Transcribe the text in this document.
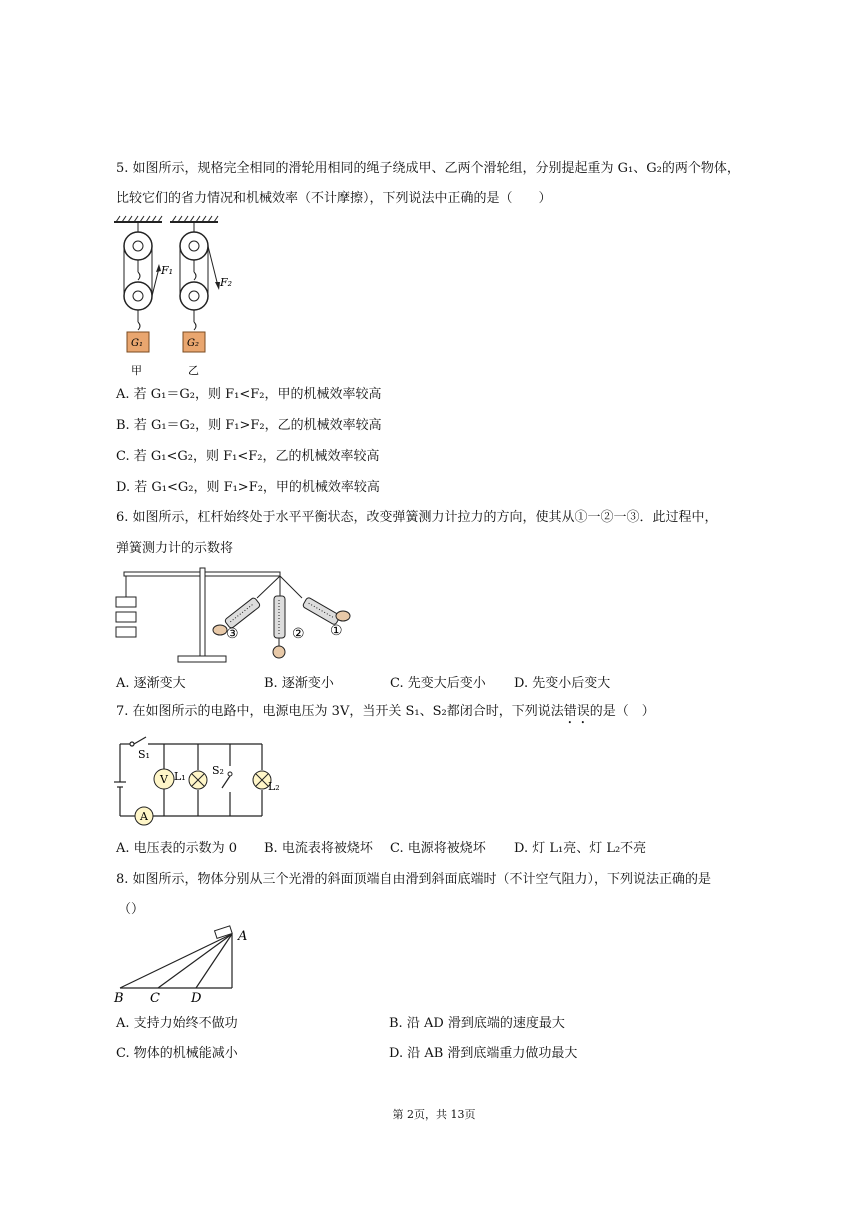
5. 如图所示，规格完全相同的滑轮用相同的绳子绕成甲、乙两个滑轮组，分别提起重为 G₁、G₂的两个物体，
比较它们的省力情况和机械效率（不计摩擦），下列说法中正确的是（　　）
F₁
G₁
甲
F₂
G₂
乙
A. 若 G₁＝G₂，则 F₁<F₂，甲的机械效率较高
B. 若 G₁＝G₂，则 F₁>F₂，乙的机械效率较高
C. 若 G₁<G₂，则 F₁<F₂，乙的机械效率较高
D. 若 G₁<G₂，则 F₁>F₂，甲的机械效率较高
6. 如图所示，杠杆始终处于水平平衡状态，改变弹簧测力计拉力的方向，使其从①一②一③．此过程中，
弹簧测力计的示数将
③	② ①
A. 逐渐变大	B. 逐渐变小	C. 先变大后变小 D. 先变小后变大
7. 在如图所示的电路中，电源电压为 3V，当开关 S₁、S₂都闭合时，下列说法错误的是（　）
A
V L₁
L₂
S₁
S₂
A. 电压表的示数为 0 B. 电流表将被烧坏 C. 电源将被烧坏 D. 灯 L₁亮、灯 L₂不亮
8. 如图所示，物体分别从三个光滑的斜面顶端自由滑到斜面底端时（不计空气阻力），下列说法正确的是
（）
A
B C D
A. 支持力始终不做功	B. 沿 AD 滑到底端的速度最大
C. 物体的机械能减小	D. 沿 AB 滑到底端重力做功最大
第 2页，共 13页
